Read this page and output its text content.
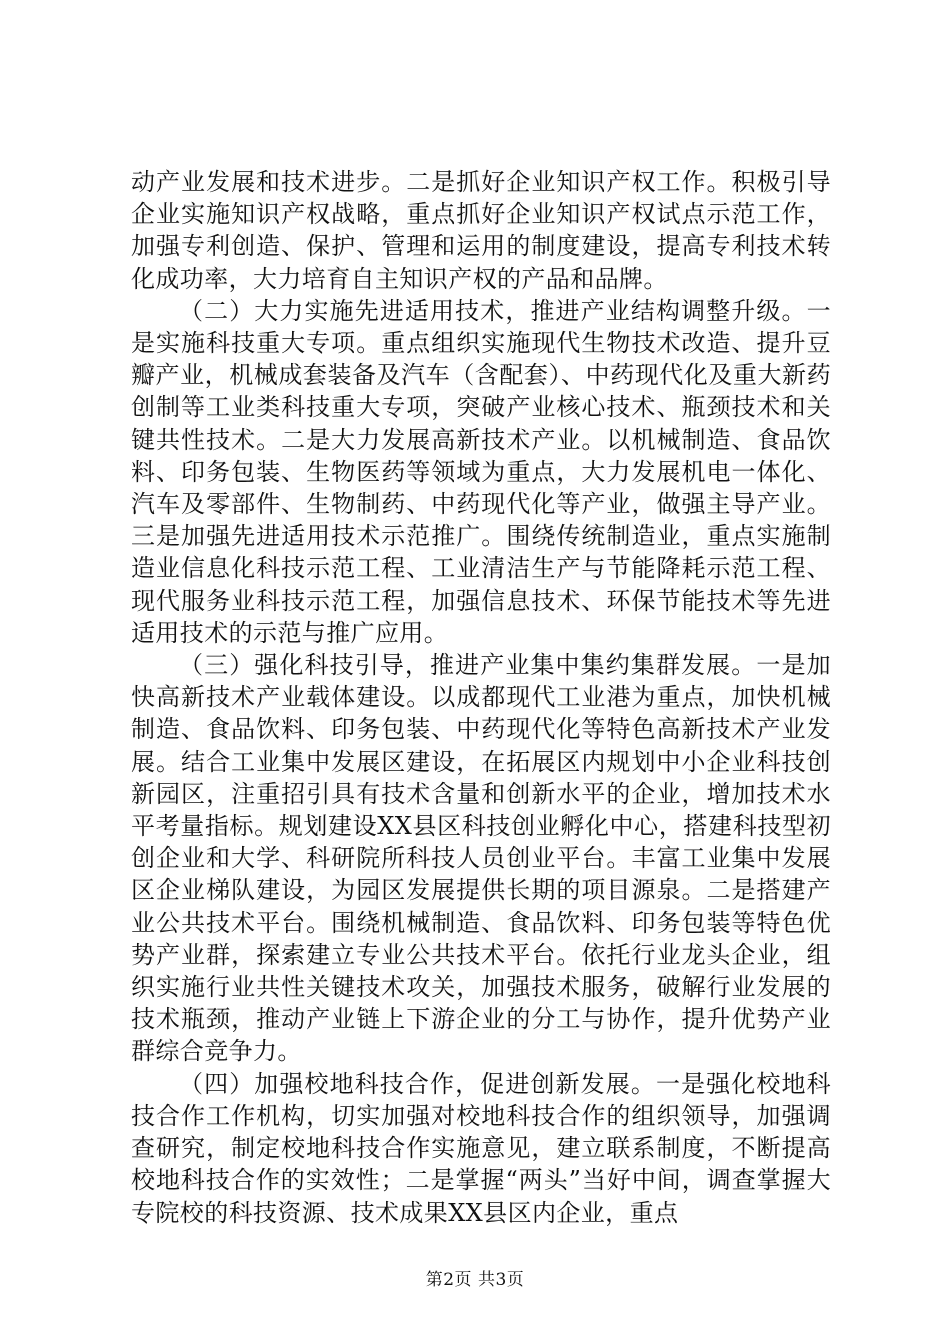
动产业发展和技术进步。二是抓好企业知识产权工作。积极引导企业实施知识产权战略，重点抓好企业知识产权试点示范工作，加强专利创造、保护、管理和运用的制度建设，提高专利技术转化成功率，大力培育自主知识产权的产品和品牌。

（二）大力实施先进适用技术，推进产业结构调整升级。一是实施科技重大专项。重点组织实施现代生物技术改造、提升豆瓣产业，机械成套装备及汽车（含配套）、中药现代化及重大新药创制等工业类科技重大专项，突破产业核心技术、瓶颈技术和关键共性技术。二是大力发展高新技术产业。以机械制造、食品饮料、印务包装、生物医药等领域为重点，大力发展机电一体化、汽车及零部件、生物制药、中药现代化等产业，做强主导产业。三是加强先进适用技术示范推广。围绕传统制造业，重点实施制造业信息化科技示范工程、工业清洁生产与节能降耗示范工程、现代服务业科技示范工程，加强信息技术、环保节能技术等先进适用技术的示范与推广应用。

（三）强化科技引导，推进产业集中集约集群发展。一是加快高新技术产业载体建设。以成都现代工业港为重点，加快机械制造、食品饮料、印务包装、中药现代化等特色高新技术产业发展。结合工业集中发展区建设，在拓展区内规划中小企业科技创新园区，注重招引具有技术含量和创新水平的企业，增加技术水平考量指标。规划建设XX县区科技创业孵化中心，搭建科技型初创企业和大学、科研院所科技人员创业平台。丰富工业集中发展区企业梯队建设，为园区发展提供长期的项目源泉。二是搭建产业公共技术平台。围绕机械制造、食品饮料、印务包装等特色优势产业群，探索建立专业公共技术平台。依托行业龙头企业，组织实施行业共性关键技术攻关，加强技术服务，破解行业发展的技术瓶颈，推动产业链上下游企业的分工与协作，提升优势产业群综合竞争力。

（四）加强校地科技合作，促进创新发展。一是强化校地科技合作工作机构，切实加强对校地科技合作的组织领导，加强调查研究，制定校地科技合作实施意见，建立联系制度，不断提高校地科技合作的实效性；二是掌握“两头”当好中间，调查掌握大专院校的科技资源、技术成果XX县区内企业，重点

第2页 共3页
